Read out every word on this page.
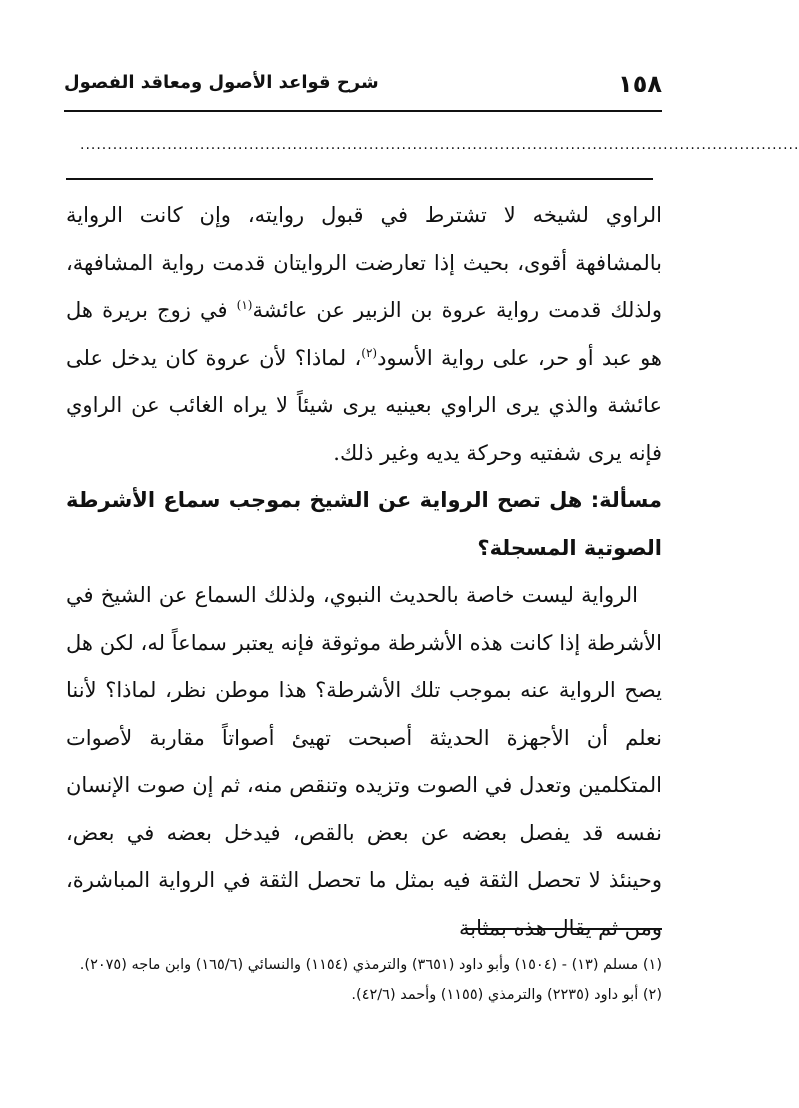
١٥٨
شرح قواعد الأصول ومعاقد الفصول
....................................................................................................................................

الراوي لشيخه لا تشترط في قبول روايته، وإن كانت الرواية بالمشافهة أقوى، بحيث إذا تعارضت الروايتان قدمت رواية المشافهة، ولذلك قدمت رواية عروة بن الزبير عن عائشة$^{(١)}$ في زوج بريرة هل هو عبد أو حر، على رواية الأسود$^{(٢)}$، لماذا؟ لأن عروة كان يدخل على عائشة والذي يرى الراوي بعينيه يرى شيئاً لا يراه الغائب عن الراوي فإنه يرى شفتيه وحركة يديه وغير ذلك.

مسألة: هل تصح الرواية عن الشيخ بموجب سماع الأشرطة الصوتية المسجلة؟

الرواية ليست خاصة بالحديث النبوي، ولذلك السماع عن الشيخ في الأشرطة إذا كانت هذه الأشرطة موثوقة فإنه يعتبر سماعاً له، لكن هل يصح الرواية عنه بموجب تلك الأشرطة؟ هذا موطن نظر، لماذا؟ لأننا نعلم أن الأجهزة الحديثة أصبحت تهيئ أصواتاً مقاربة لأصوات المتكلمين وتعدل في الصوت وتزيده وتنقص منه، ثم إن صوت الإنسان نفسه قد يفصل بعضه عن بعض بالقص، فيدخل بعضه في بعض، وحينئذ لا تحصل الثقة فيه بمثل ما تحصل الثقة في الرواية المباشرة، ومن ثم يقال هذه بمثابة

(١) مسلم (١٣) - (١٥٠٤) وأبو داود (٣٦٥١) والترمذي (١١٥٤) والنسائي (١٦٥/٦) وابن ماجه (٢٠٧٥).

(٢) أبو داود (٢٢٣٥) والترمذي (١١٥٥) وأحمد (٤٢/٦).
